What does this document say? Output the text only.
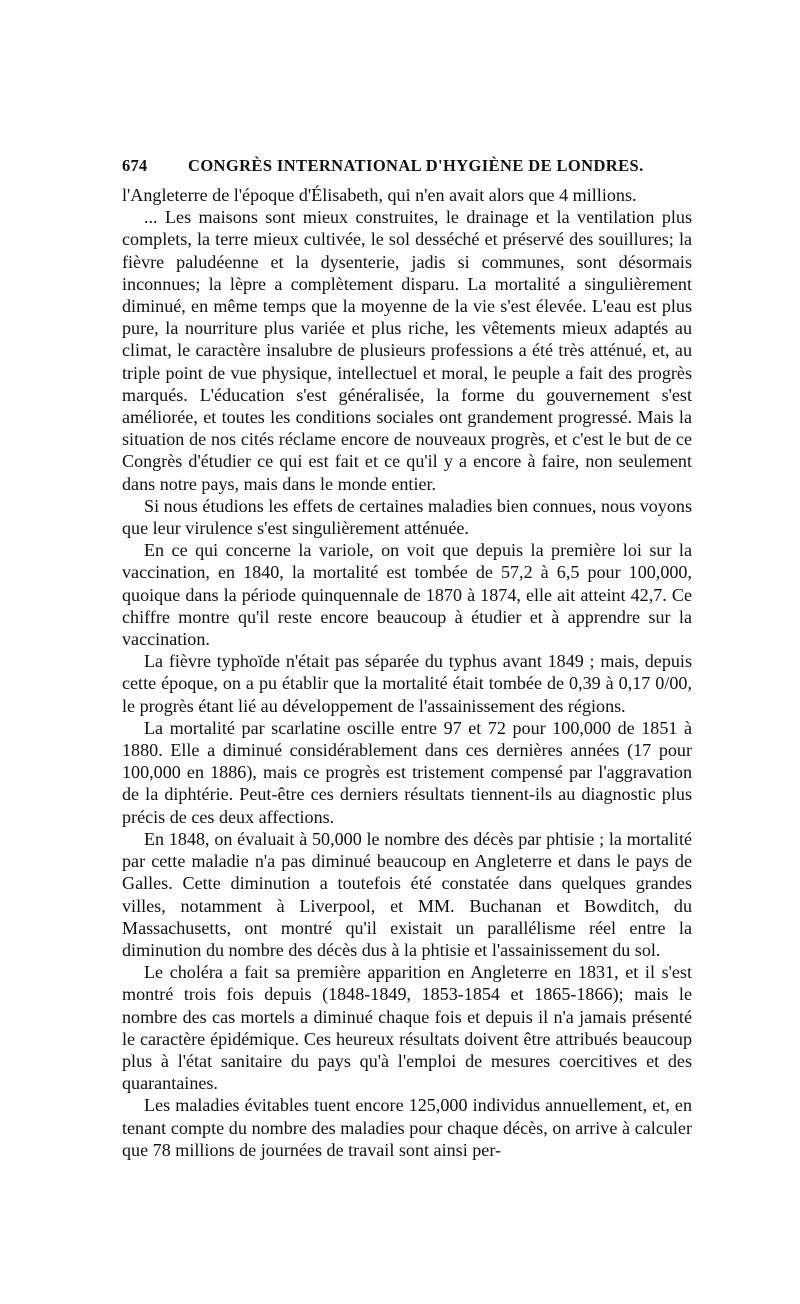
674	CONGRÈS INTERNATIONAL D'HYGIÈNE DE LONDRES.

l'Angleterre de l'époque d'Élisabeth, qui n'en avait alors que 4 millions.

... Les maisons sont mieux construites, le drainage et la ventilation plus complets, la terre mieux cultivée, le sol desséché et préservé des souillures; la fièvre paludéenne et la dysenterie, jadis si communes, sont désormais inconnues; la lèpre a complètement disparu. La mortalité a singulièrement diminué, en même temps que la moyenne de la vie s'est élevée. L'eau est plus pure, la nourriture plus variée et plus riche, les vêtements mieux adaptés au climat, le caractère insalubre de plusieurs professions a été très atténué, et, au triple point de vue physique, intellectuel et moral, le peuple a fait des progrès marqués. L'éducation s'est généralisée, la forme du gouvernement s'est améliorée, et toutes les conditions sociales ont grandement progressé. Mais la situation de nos cités réclame encore de nouveaux progrès, et c'est le but de ce Congrès d'étudier ce qui est fait et ce qu'il y a encore à faire, non seulement dans notre pays, mais dans le monde entier.

Si nous étudions les effets de certaines maladies bien connues, nous voyons que leur virulence s'est singulièrement atténuée.

En ce qui concerne la variole, on voit que depuis la première loi sur la vaccination, en 1840, la mortalité est tombée de 57,2 à 6,5 pour 100,000, quoique dans la période quinquennale de 1870 à 1874, elle ait atteint 42,7. Ce chiffre montre qu'il reste encore beaucoup à étudier et à apprendre sur la vaccination.

La fièvre typhoïde n'était pas séparée du typhus avant 1849 ; mais, depuis cette époque, on a pu établir que la mortalité était tombée de 0,39 à 0,17 0/00, le progrès étant lié au développement de l'assainissement des régions.

La mortalité par scarlatine oscille entre 97 et 72 pour 100,000 de 1851 à 1880. Elle a diminué considérablement dans ces dernières années (17 pour 100,000 en 1886), mais ce progrès est tristement compensé par l'aggravation de la diphtérie. Peut-être ces derniers résultats tiennent-ils au diagnostic plus précis de ces deux affections.

En 1848, on évaluait à 50,000 le nombre des décès par phtisie ; la mortalité par cette maladie n'a pas diminué beaucoup en Angleterre et dans le pays de Galles. Cette diminution a toutefois été constatée dans quelques grandes villes, notamment à Liverpool, et MM. Buchanan et Bowditch, du Massachusetts, ont montré qu'il existait un parallélisme réel entre la diminution du nombre des décès dus à la phtisie et l'assainissement du sol.

Le choléra a fait sa première apparition en Angleterre en 1831, et il s'est montré trois fois depuis (1848-1849, 1853-1854 et 1865-1866); mais le nombre des cas mortels a diminué chaque fois et depuis il n'a jamais présenté le caractère épidémique. Ces heureux résultats doivent être attribués beaucoup plus à l'état sanitaire du pays qu'à l'emploi de mesures coercitives et des quarantaines.

Les maladies évitables tuent encore 125,000 individus annuellement, et, en tenant compte du nombre des maladies pour chaque décès, on arrive à calculer que 78 millions de journées de travail sont ainsi per-
